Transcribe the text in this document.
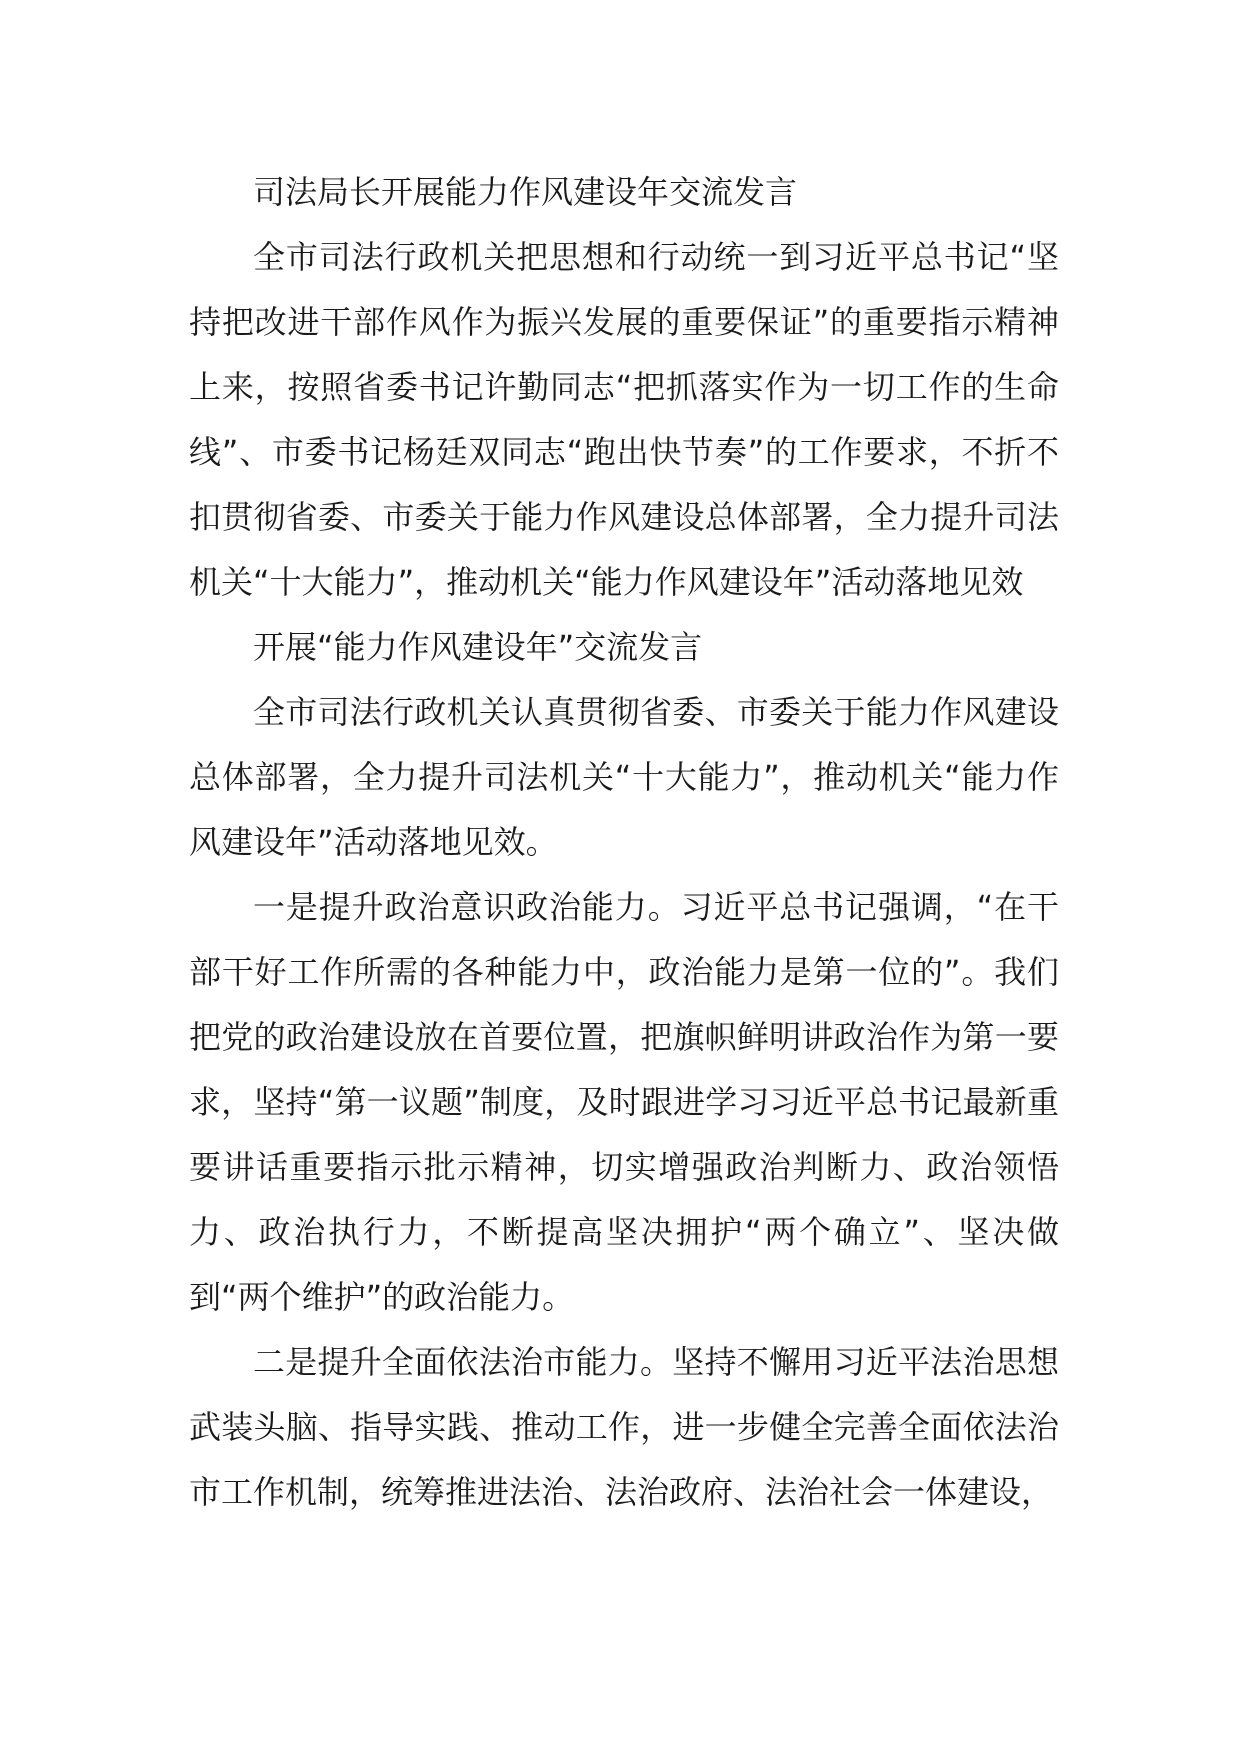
司法局长开展能力作风建设年交流发言

全市司法行政机关把思想和行动统一到习近平总书记“坚持把改进干部作风作为振兴发展的重要保证”的重要指示精神上来，按照省委书记许勤同志“把抓落实作为一切工作的生命线”、市委书记杨廷双同志“跑出快节奏”的工作要求，不折不扣贯彻省委、市委关于能力作风建设总体部署，全力提升司法机关“十大能力”，推动机关“能力作风建设年”活动落地见效

开展“能力作风建设年”交流发言

全市司法行政机关认真贯彻省委、市委关于能力作风建设总体部署，全力提升司法机关“十大能力”，推动机关“能力作风建设年”活动落地见效。

一是提升政治意识政治能力。习近平总书记强调，“在干部干好工作所需的各种能力中，政治能力是第一位的”。我们把党的政治建设放在首要位置，把旗帜鲜明讲政治作为第一要求，坚持“第一议题”制度，及时跟进学习习近平总书记最新重要讲话重要指示批示精神，切实增强政治判断力、政治领悟力、政治执行力，不断提高坚决拥护“两个确立”、坚决做到“两个维护”的政治能力。

二是提升全面依法治市能力。坚持不懈用习近平法治思想武装头脑、指导实践、推动工作，进一步健全完善全面依法治市工作机制，统筹推进法治、法治政府、法治社会一体建设，
